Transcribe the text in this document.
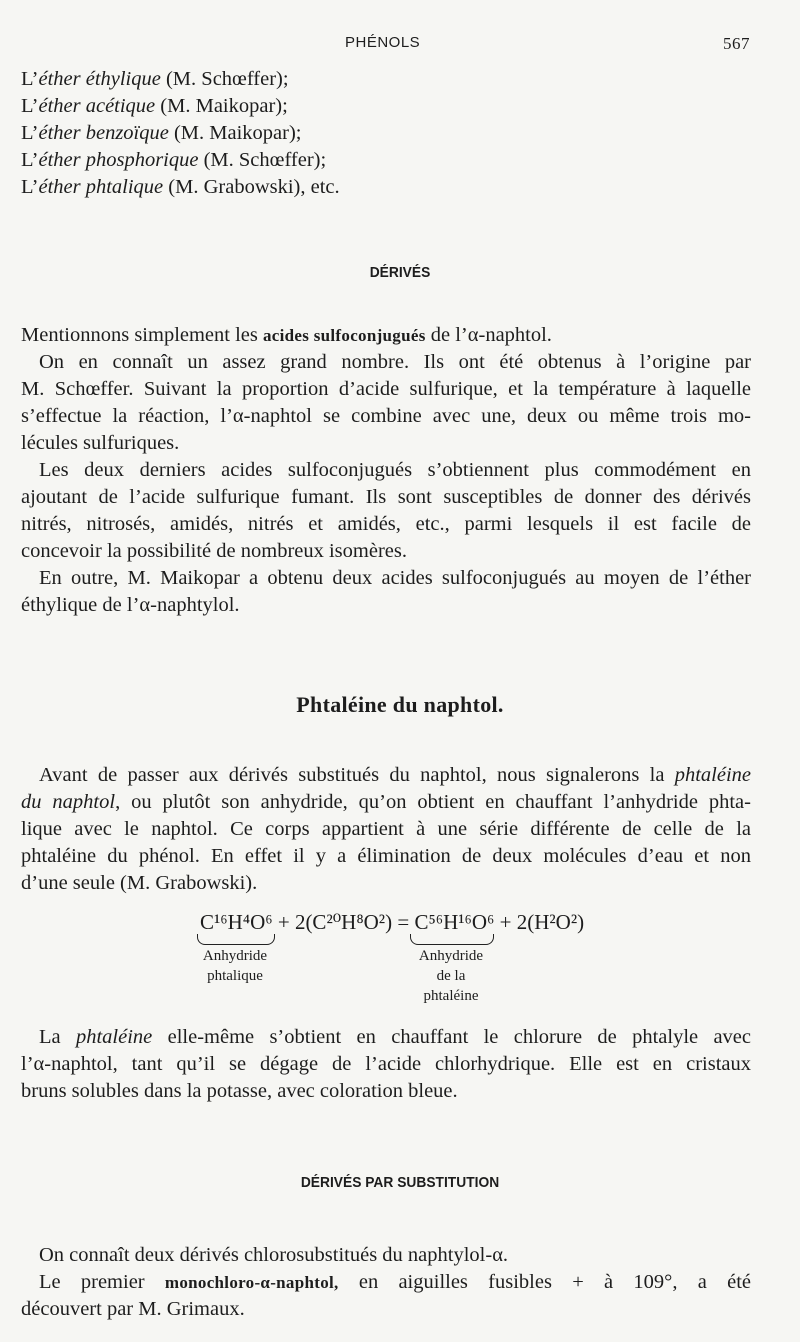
PHÉNOLS	567
L’éther éthylique (M. Schœffer);
L’éther acétique (M. Maikopar);
L’éther benzoïque (M. Maikopar);
L’éther phosphorique (M. Schœffer);
L’éther phtalique (M. Grabowski), etc.
DÉRIVÉS
Mentionnons simplement les acides sulfoconjugués de l’α-naphtol.
On en connaît un assez grand nombre. Ils ont été obtenus à l’origine par
M. Schœffer. Suivant la proportion d’acide sulfurique, et la température à laquelle
s’effectue la réaction, l’α-naphtol se combine avec une, deux ou même trois mo-
lécules sulfuriques.
Les deux derniers acides sulfoconjugués s’obtiennent plus commodément en
ajoutant de l’acide sulfurique fumant. Ils sont susceptibles de donner des dérivés
nitrés, nitrosés, amidés, nitrés et amidés, etc., parmi lesquels il est facile de
concevoir la possibilité de nombreux isomères.
En outre, M. Maikopar a obtenu deux acides sulfoconjugués au moyen de l’éther
éthylique de l’α-naphtylol.
Phtaléine du naphtol.
Avant de passer aux dérivés substitués du naphtol, nous signalerons la phtaléine
du naphtol, ou plutôt son anhydride, qu’on obtient en chauffant l’anhydride phta-
lique avec le naphtol. Ce corps appartient à une série différente de celle de la
phtaléine du phénol. En effet il y a élimination de deux molécules d’eau et non
d’une seule (M. Grabowski).
C¹⁶H⁴O⁶ + 2(C²⁰H⁸O²) = C⁵⁶H¹⁶O⁶ + 2(H²O²)
Anhydride
phtalique
Anhydride
de la
phtaléine
La phtaléine elle-même s’obtient en chauffant le chlorure de phtalyle avec
l’α-naphtol, tant qu’il se dégage de l’acide chlorhydrique. Elle est en cristaux
bruns solubles dans la potasse, avec coloration bleue.
DÉRIVÉS PAR SUBSTITUTION
On connaît deux dérivés chlorosubstitués du naphtylol-α.
Le premier monochloro-α-naphtol, en aiguilles fusibles + à 109°, a été
découvert par M. Grimaux.
